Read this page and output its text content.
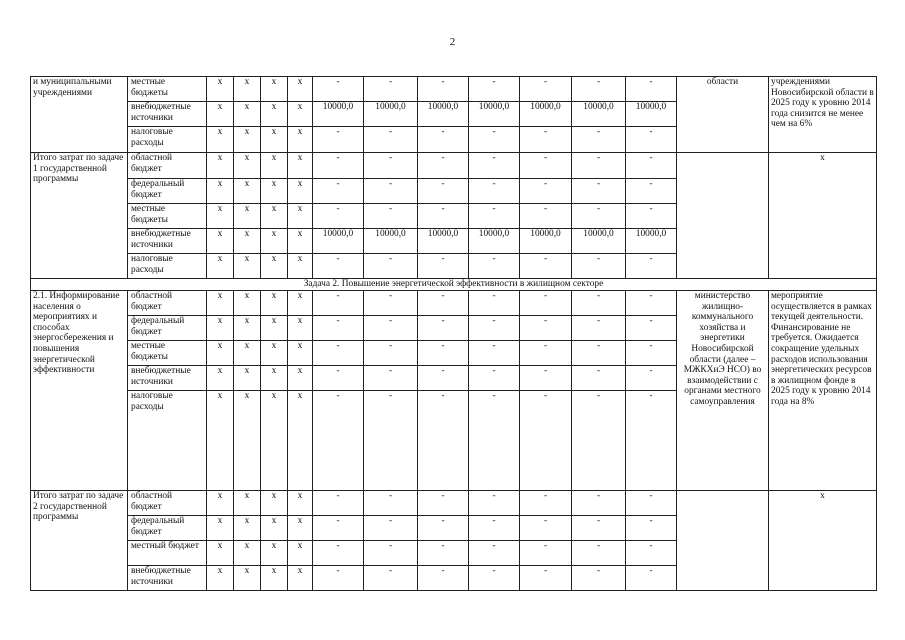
2
и муниципальными учреждениями	местные бюджеты	х	х	х	х	-	-	-	-	-	-	-	области	учреждениями Новосибирской области в 2025 году к уровню 2014 года снизится не менее чем на 6%
	внебюджетные источники	х	х	х	х	10000,0	10000,0	10000,0	10000,0	10000,0	10000,0	10000,0		
	налоговые расходы	х	х	х	х	-	-	-	-	-	-	-		
Итого затрат по задаче 1 государственной программы	областной бюджет	х	х	х	х	-	-	-	-	-	-	-		х
	федеральный бюджет	х	х	х	х	-	-	-	-	-	-	-		
	местные бюджеты	х	х	х	х	-	-	-	-	-	-	-		
	внебюджетные источники	х	х	х	х	10000,0	10000,0	10000,0	10000,0	10000,0	10000,0	10000,0		
	налоговые расходы	х	х	х	х	-	-	-	-	-	-	-		
Задача 2. Повышение энергетической эффективности в жилищном секторе														
2.1. Информирование населения о мероприятиях и способах энергосбережения и повышения энергетической эффективности	областной бюджет	х	х	х	х	-	-	-	-	-	-	-	министерство жилищно-коммунального хозяйства и энергетики Новосибирской области (далее – МЖКХиЭ НСО) во взаимодействии с органами местного самоуправления	мероприятие осуществляется в рамках текущей деятельности. Финансирование не требуется. Ожидается сокращение удельных расходов использования энергетических ресурсов в жилищном фонде в 2025 году к уровню 2014 года на 8%
	федеральный бюджет	х	х	х	х	-	-	-	-	-	-	-		
	местные бюджеты	х	х	х	х	-	-	-	-	-	-	-		
	внебюджетные источники	х	х	х	х	-	-	-	-	-	-	-		
	налоговые расходы	х	х	х	х	-	-	-	-	-	-	-		
Итого затрат по задаче 2 государственной программы	областной бюджет	х	х	х	х	-	-	-	-	-	-	-		х
	федеральный бюджет	х	х	х	х	-	-	-	-	-	-	-		
	местный бюджет	х	х	х	х	-	-	-	-	-	-	-		
	внебюджетные источники	х	х	х	х	-	-	-	-	-	-	-		
